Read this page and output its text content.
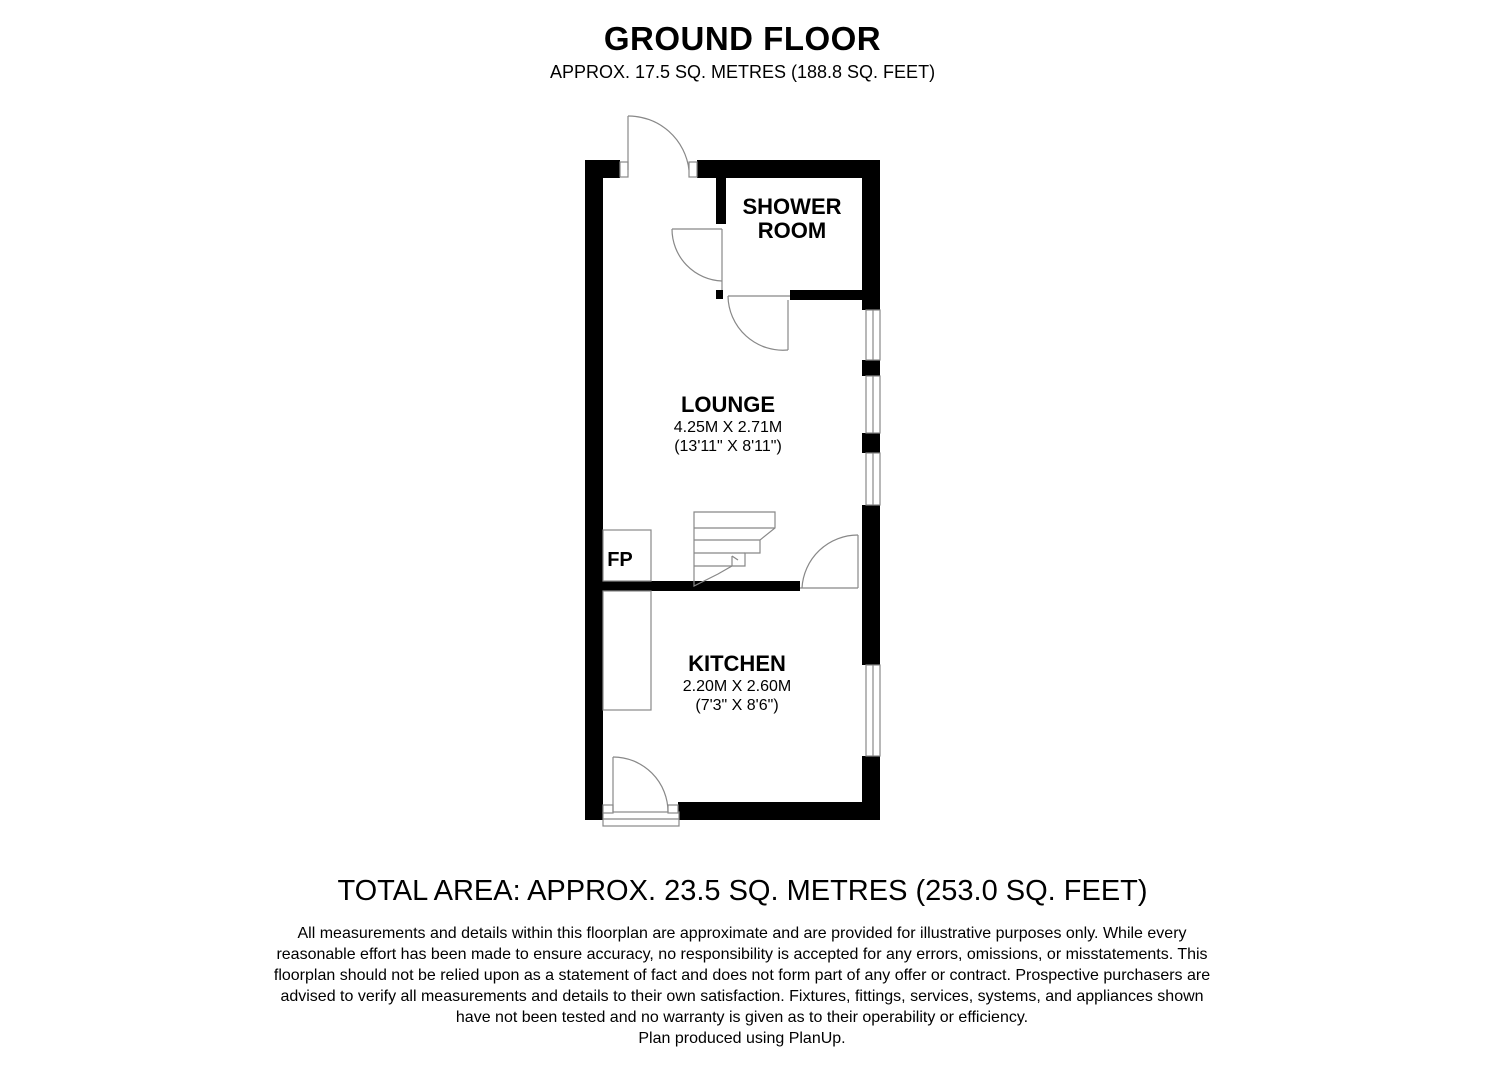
GROUND FLOOR
APPROX. 17.5 SQ. METRES (188.8 SQ. FEET)
SHOWER
ROOM
LOUNGE
4.25M X 2.71M
(13'11" X 8'11")
FP
KITCHEN
2.20M X 2.60M
(7'3" X 8'6")
TOTAL AREA: APPROX. 23.5 SQ. METRES (253.0 SQ. FEET)
All measurements and details within this floorplan are approximate and are provided for illustrative purposes only. While every reasonable effort has been made to ensure accuracy, no responsibility is accepted for any errors, omissions, or misstatements. This floorplan should not be relied upon as a statement of fact and does not form part of any offer or contract. Prospective purchasers are advised to verify all measurements and details to their own satisfaction. Fixtures, fittings, services, systems, and appliances shown have not been tested and no warranty is given as to their operability or efficiency.
Plan produced using PlanUp.
